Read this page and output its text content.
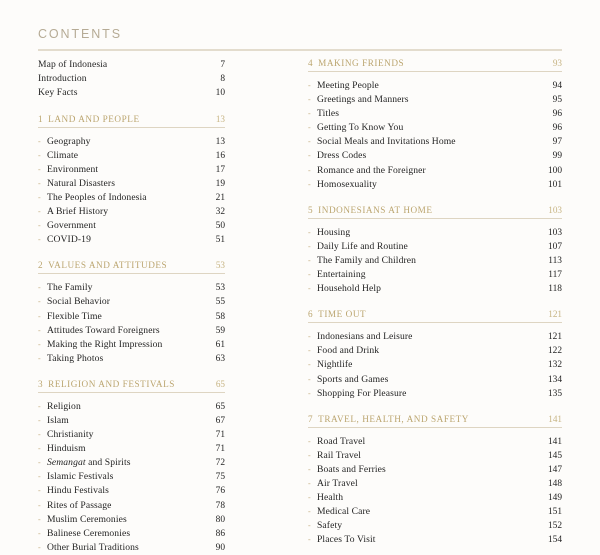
CONTENTS
Map of Indonesia	7
Introduction	8
Key Facts	10
1 LAND AND PEOPLE	13
- Geography	13
- Climate	16
- Environment	17
- Natural Disasters	19
- The Peoples of Indonesia	21
- A Brief History	32
- Government	50
- COVID-19	51
2 VALUES AND ATTITUDES	53
- The Family	53
- Social Behavior	55
- Flexible Time	58
- Attitudes Toward Foreigners	59
- Making the Right Impression	61
- Taking Photos	63
3 RELIGION AND FESTIVALS	65
- Religion	65
- Islam	67
- Christianity	71
- Hinduism	71
- Semangat and Spirits	72
- Islamic Festivals	75
- Hindu Festivals	76
- Rites of Passage	78
- Muslim Ceremonies	80
- Balinese Ceremonies	86
- Other Burial Traditions	90
4 MAKING FRIENDS	93
- Meeting People	94
- Greetings and Manners	95
- Titles	96
- Getting To Know You	96
- Social Meals and Invitations Home	97
- Dress Codes	99
- Romance and the Foreigner	100
- Homosexuality	101
5 INDONESIANS AT HOME	103
- Housing	103
- Daily Life and Routine	107
- The Family and Children	113
- Entertaining	117
- Household Help	118
6 TIME OUT	121
- Indonesians and Leisure	121
- Food and Drink	122
- Nightlife	132
- Sports and Games	134
- Shopping For Pleasure	135
7 TRAVEL, HEALTH, AND SAFETY	141
- Road Travel	141
- Rail Travel	145
- Boats and Ferries	147
- Air Travel	148
- Health	149
- Medical Care	151
- Safety	152
- Places To Visit	154
